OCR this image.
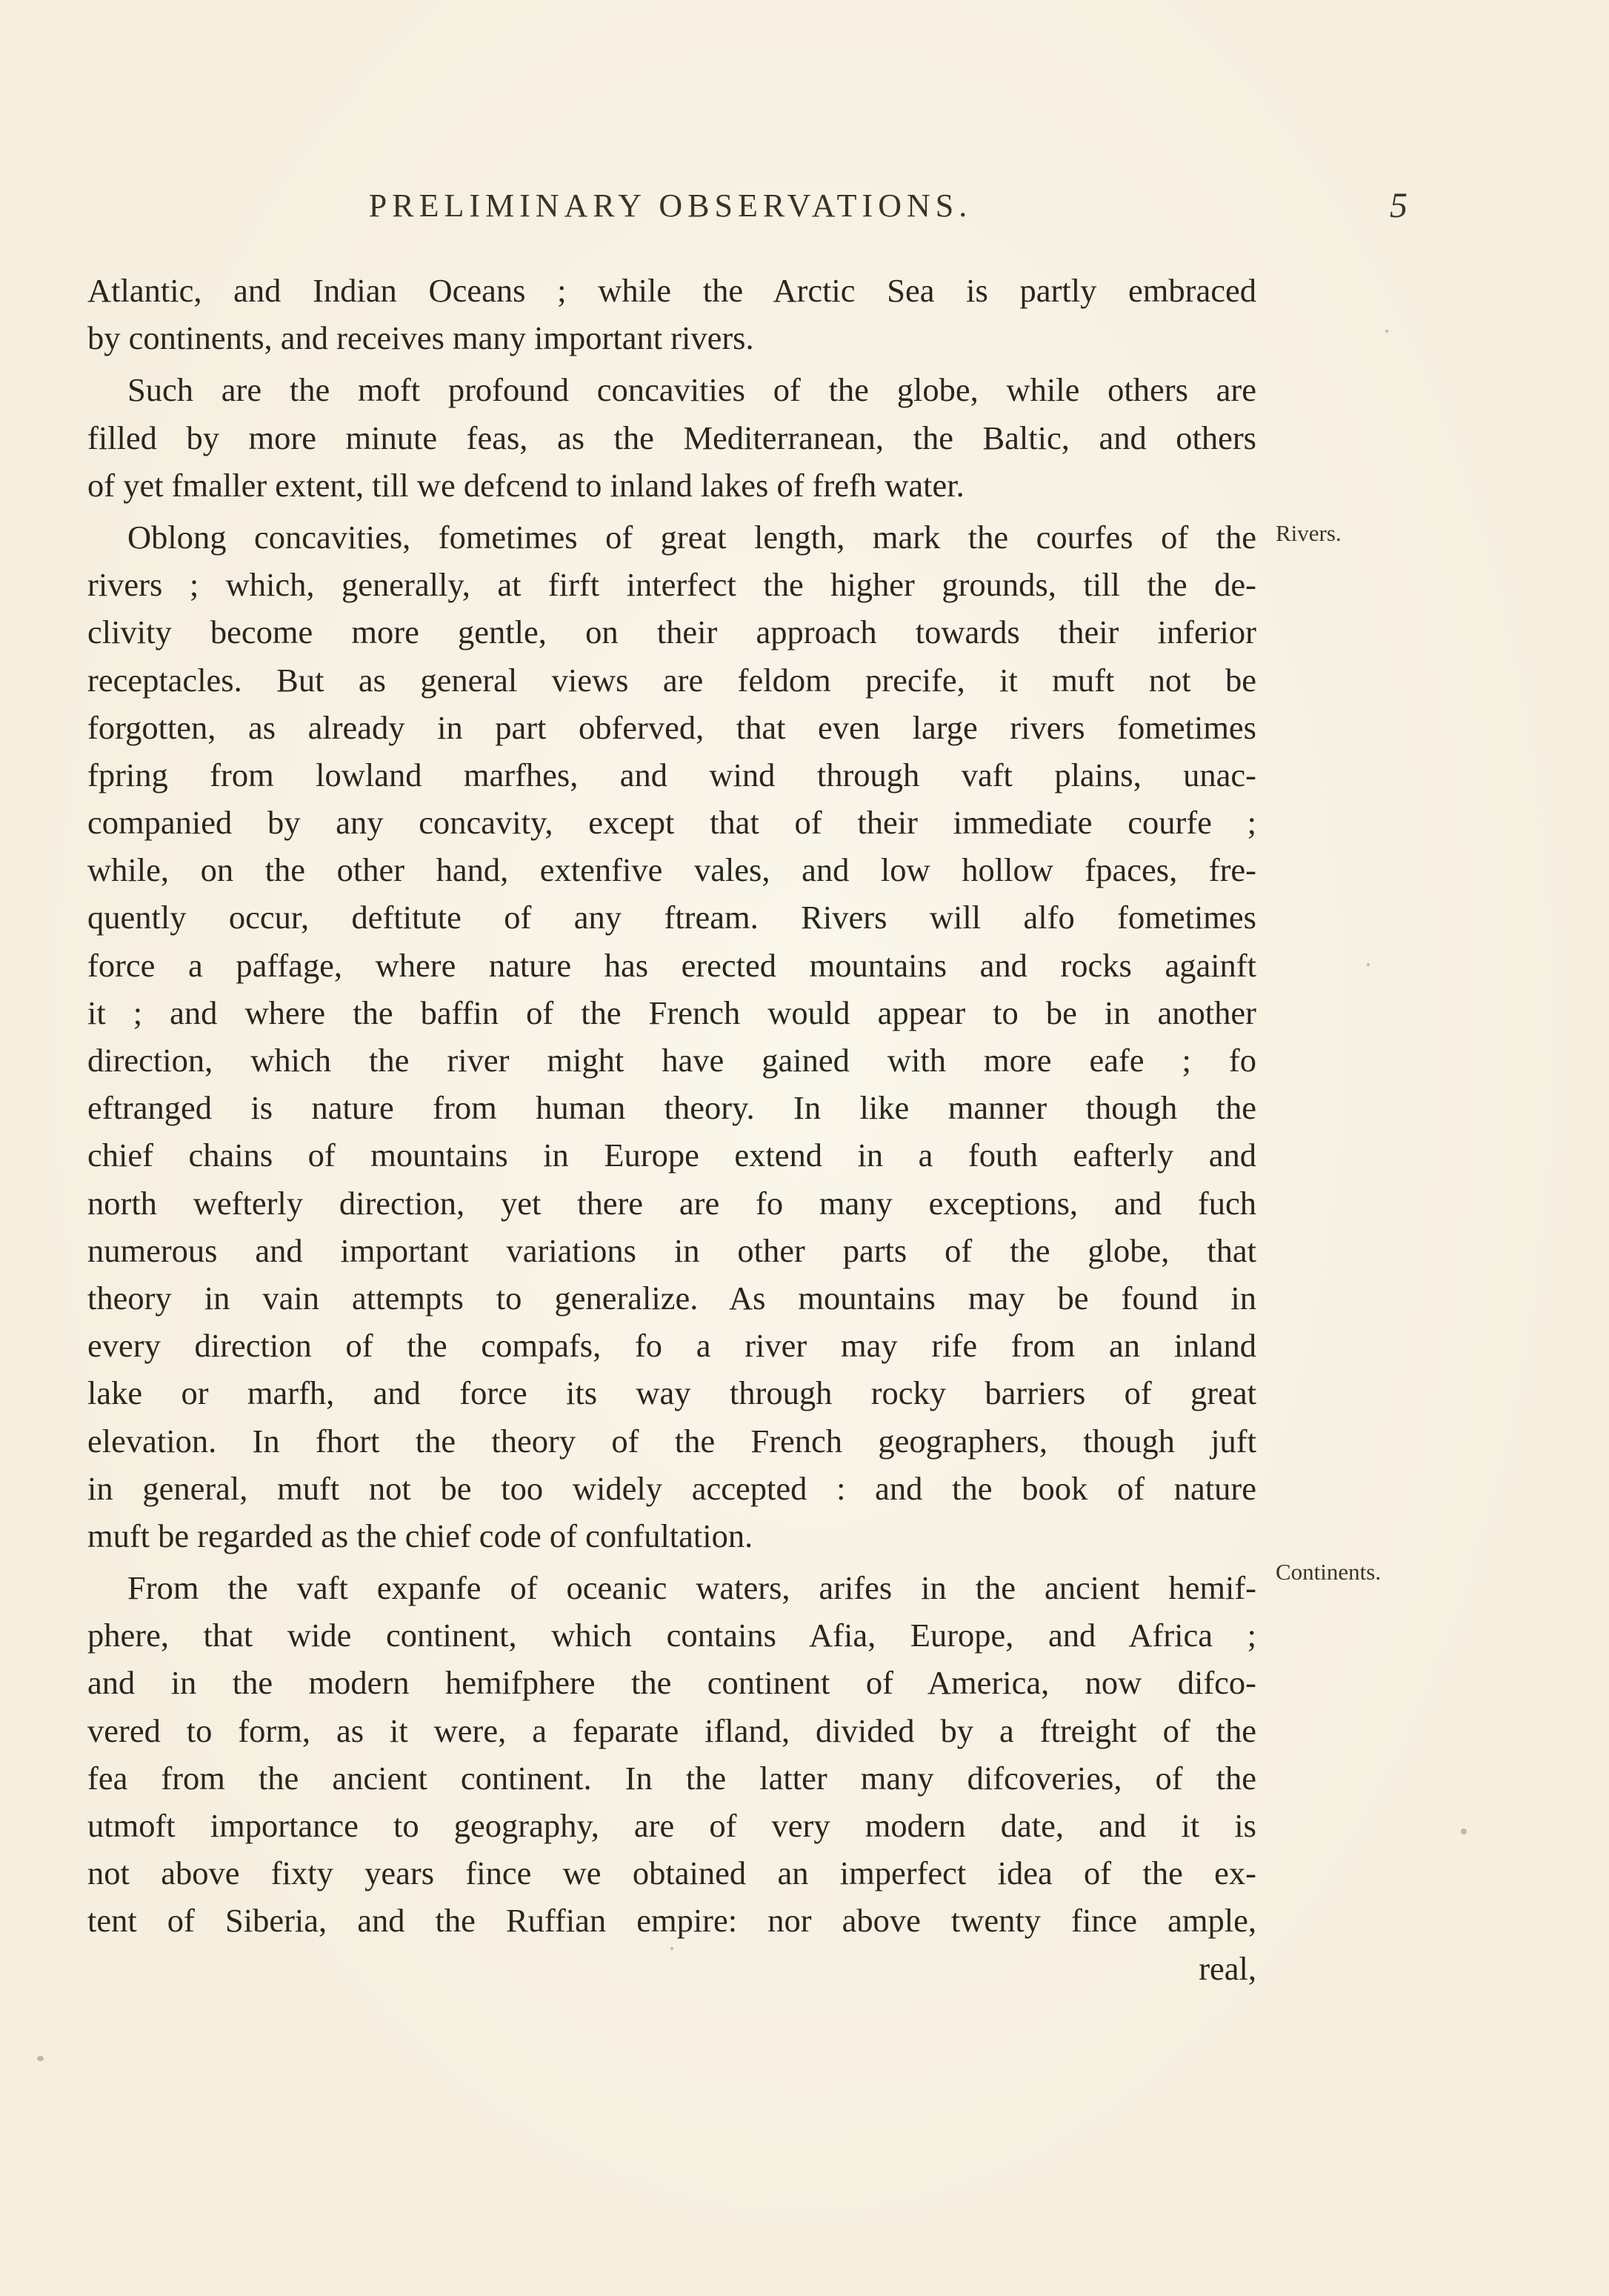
PRELIMINARY OBSERVATIONS.	5
Rivers.
Continents.
Atlantic, and Indian Oceans ; while the Arctic Sea is partly embraced
by continents, and receives many important rivers.
Such are the moft profound concavities of the globe, while others are
filled by more minute feas, as the Mediterranean, the Baltic, and others
of yet fmaller extent, till we defcend to inland lakes of frefh water.
Oblong concavities, fometimes of great length, mark the courfes of the
rivers ; which, generally, at firft interfect the higher grounds, till the de-
clivity become more gentle, on their approach towards their inferior
receptacles. But as general views are feldom precife, it muft not be
forgotten, as already in part obferved, that even large rivers fometimes
fpring from lowland marfhes, and wind through vaft plains, unac-
companied by any concavity, except that of their immediate courfe ;
while, on the other hand, extenfive vales, and low hollow fpaces, fre-
quently occur, deftitute of any ftream. Rivers will alfo fometimes
force a paffage, where nature has erected mountains and rocks againft
it ; and where the baffin of the French would appear to be in another
direction, which the river might have gained with more eafe ; fo
eftranged is nature from human theory. In like manner though the
chief chains of mountains in Europe extend in a fouth eafterly and
north wefterly direction, yet there are fo many exceptions, and fuch
numerous and important variations in other parts of the globe, that
theory in vain attempts to generalize. As mountains may be found in
every direction of the compafs, fo a river may rife from an inland
lake or marfh, and force its way through rocky barriers of great
elevation. In fhort the theory of the French geographers, though juft
in general, muft not be too widely accepted : and the book of nature
muft be regarded as the chief code of confultation.
From the vaft expanfe of oceanic waters, arifes in the ancient hemif-
phere, that wide continent, which contains Afia, Europe, and Africa ;
and in the modern hemifphere the continent of America, now difco-
vered to form, as it were, a feparate ifland, divided by a ftreight of the
fea from the ancient continent. In the latter many difcoveries, of the
utmoft importance to geography, are of very modern date, and it is
not above fixty years fince we obtained an imperfect idea of the ex-
tent of Siberia, and the Ruffian empire: nor above twenty fince ample,
real,
